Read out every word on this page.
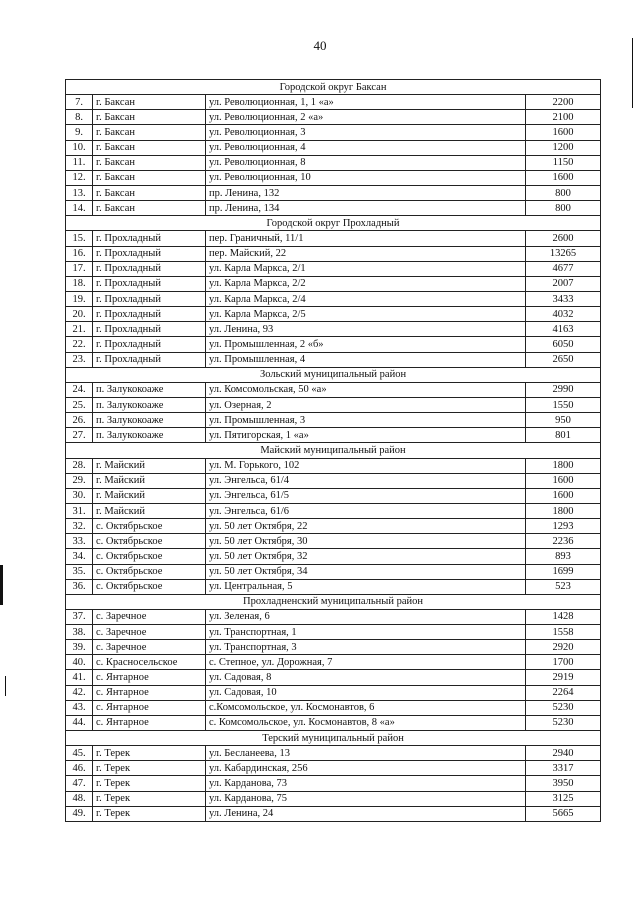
40
Городской округ Баксан			
7.	г. Баксан	ул. Революционная, 1, 1 «а»	2200
8.	г. Баксан	ул. Революционная, 2 «а»	2100
9.	г. Баксан	ул. Революционная, 3	1600
10.	г. Баксан	ул. Революционная, 4	1200
11.	г. Баксан	ул. Революционная, 8	1150
12.	г. Баксан	ул. Революционная, 10	1600
13.	г. Баксан	пр. Ленина, 132	800
14.	г. Баксан	пр. Ленина, 134	800
Городской округ Прохладный			
15.	г. Прохладный	пер. Граничный, 11/1	2600
16.	г. Прохладный	пер. Майский, 22	13265
17.	г. Прохладный	ул. Карла Маркса, 2/1	4677
18.	г. Прохладный	ул. Карла Маркса, 2/2	2007
19.	г. Прохладный	ул. Карла Маркса, 2/4	3433
20.	г. Прохладный	ул. Карла Маркса, 2/5	4032
21.	г. Прохладный	ул. Ленина, 93	4163
22.	г. Прохладный	ул. Промышленная, 2 «б»	6050
23.	г. Прохладный	ул. Промышленная, 4	2650
Зольский муниципальный район			
24.	п. Залукокоаже	ул. Комсомольская, 50 «а»	2990
25.	п. Залукокоаже	ул. Озерная, 2	1550
26.	п. Залукокоаже	ул. Промышленная, 3	950
27.	п. Залукокоаже	ул. Пятигорская, 1 «а»	801
Майский муниципальный район			
28.	г. Майский	ул. М. Горького, 102	1800
29.	г. Майский	ул. Энгельса, 61/4	1600
30.	г. Майский	ул. Энгельса, 61/5	1600
31.	г. Майский	ул. Энгельса, 61/6	1800
32.	с. Октябрьское	ул. 50 лет Октября, 22	1293
33.	с. Октябрьское	ул. 50 лет Октября, 30	2236
34.	с. Октябрьское	ул. 50 лет Октября, 32	893
35.	с. Октябрьское	ул. 50 лет Октября, 34	1699
36.	с. Октябрьское	ул. Центральная, 5	523
Прохладненский муниципальный район			
37.	с. Заречное	ул. Зеленая, 6	1428
38.	с. Заречное	ул. Транспортная, 1	1558
39.	с. Заречное	ул. Транспортная, 3	2920
40.	с. Красносельское	с. Степное, ул. Дорожная, 7	1700
41.	с. Янтарное	ул. Садовая, 8	2919
42.	с. Янтарное	ул. Садовая, 10	2264
43.	с. Янтарное	с.Комсомольское, ул. Космонавтов, 6	5230
44.	с. Янтарное	с. Комсомольское, ул. Космонавтов, 8 «а»	5230
Терский муниципальный район			
45.	г. Терек	ул. Бесланеева, 13	2940
46.	г. Терек	ул. Кабардинская, 256	3317
47.	г. Терек	ул. Карданова, 73	3950
48.	г. Терек	ул. Карданова, 75	3125
49.	г. Терек	ул. Ленина, 24	5665
